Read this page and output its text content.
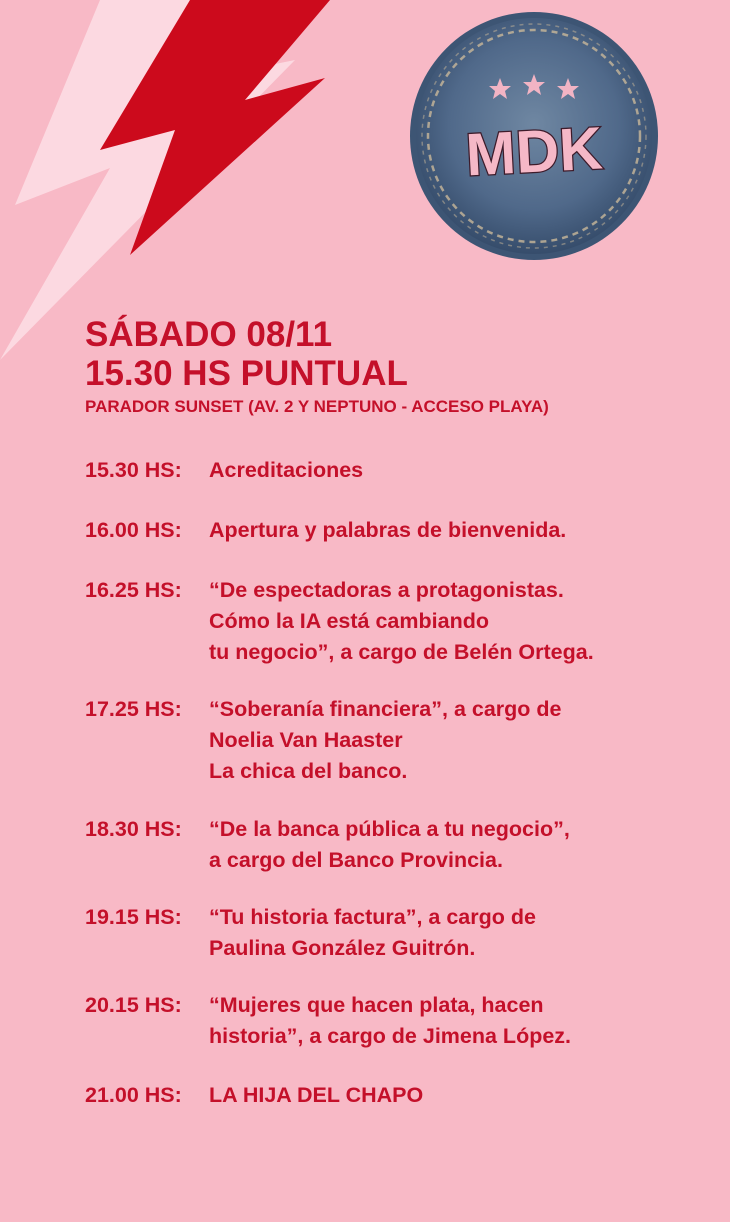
MDK
SÁBADO 08/11
15.30 HS PUNTUAL
PARADOR SUNSET (AV. 2 Y NEPTUNO - ACCESO PLAYA)
15.30 HS:	Acreditaciones
16.00 HS:	Apertura y palabras de bienvenida.
16.25 HS:	“De espectadoras a protagonistas.
Cómo la IA está cambiando
tu negocio”, a cargo de Belén Ortega.
17.25 HS:	“Soberanía financiera”, a cargo de
Noelia Van Haaster
La chica del banco.
18.30 HS:	“De la banca pública a tu negocio”,
a cargo del Banco Provincia.
19.15 HS:	“Tu historia factura”, a cargo de
Paulina González Guitrón.
20.15 HS:	“Mujeres que hacen plata, hacen
historia”, a cargo de Jimena López.
21.00 HS:	LA HIJA DEL CHAPO
